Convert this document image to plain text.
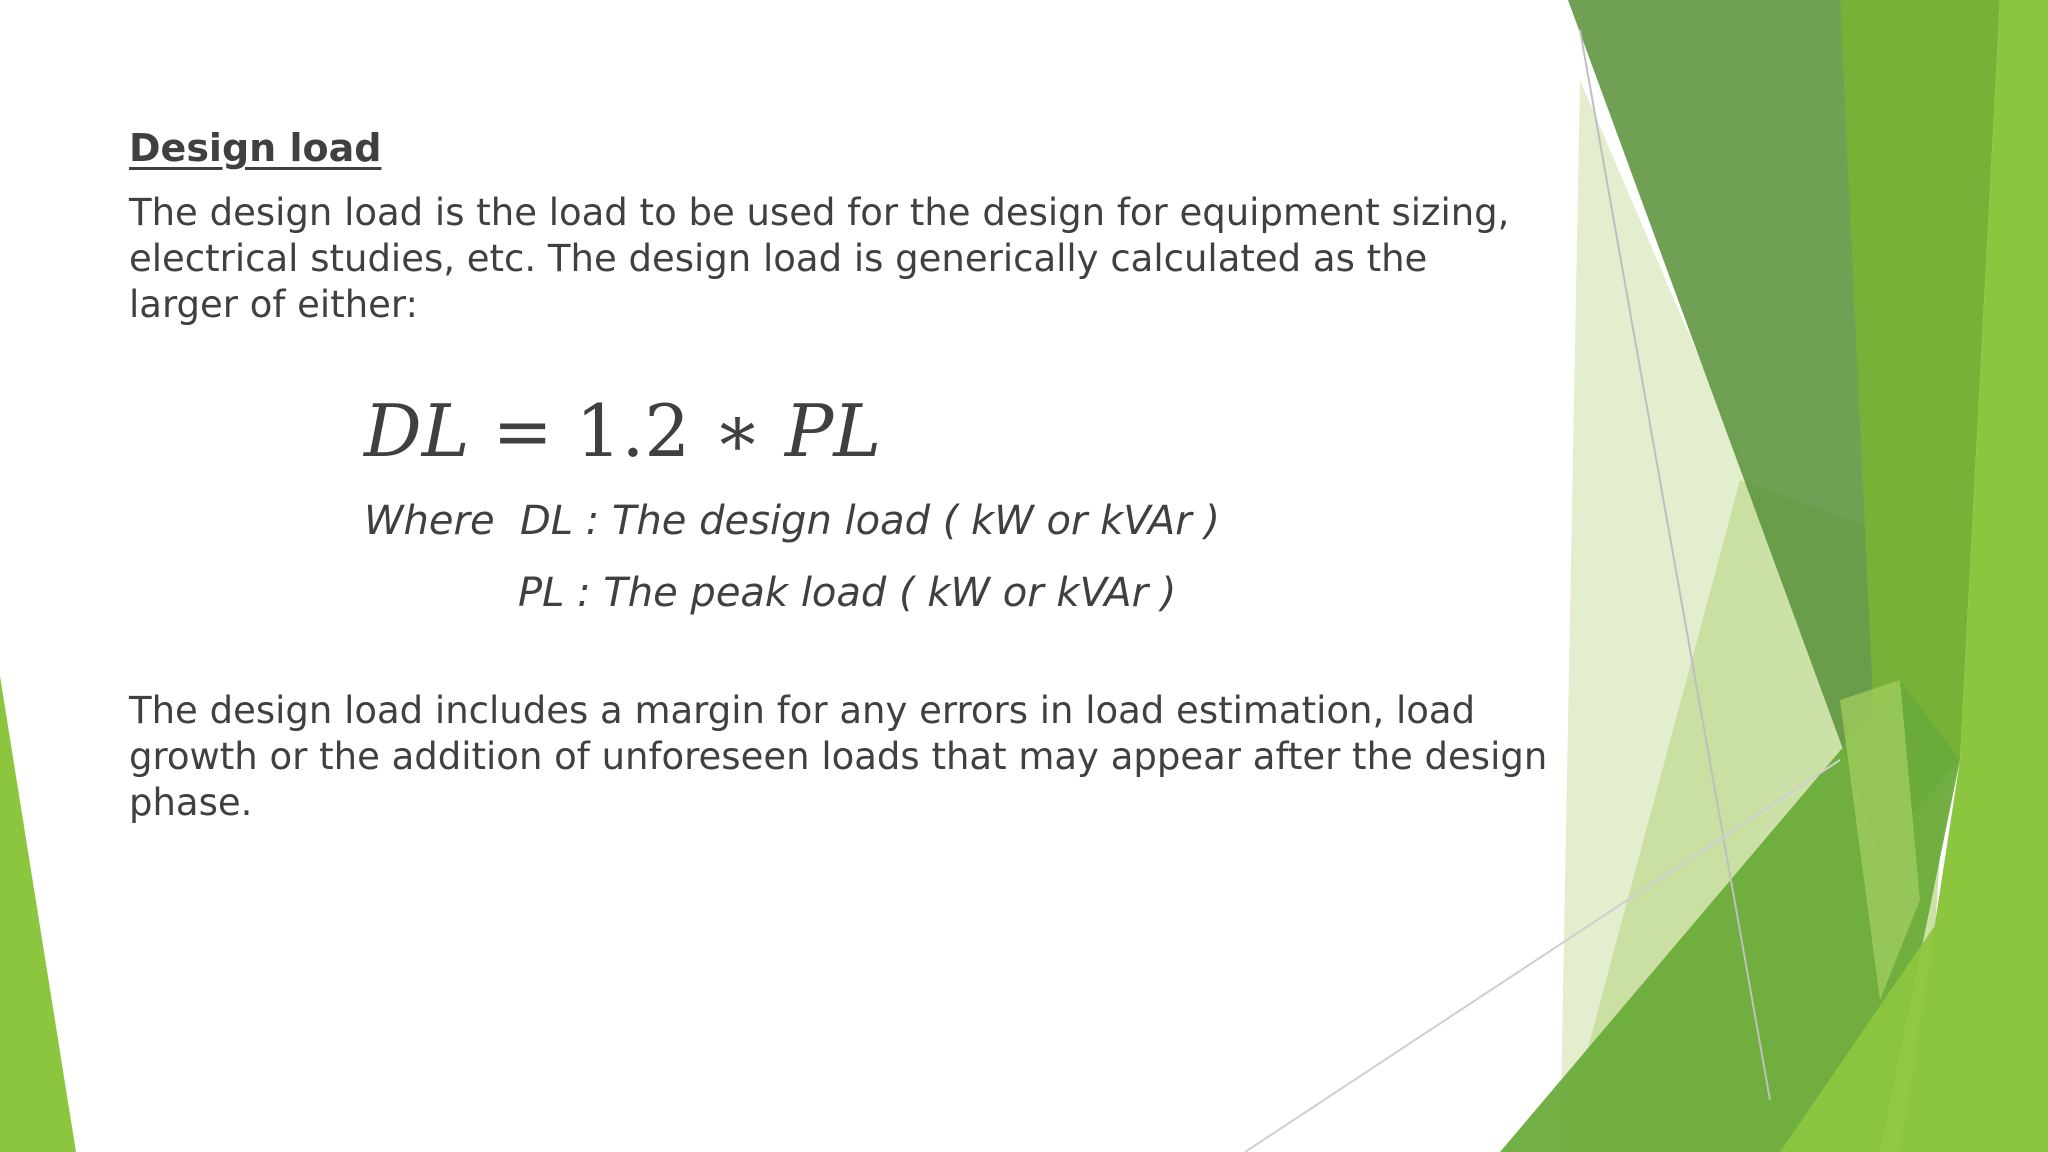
Design load

The design load is the load to be used for the design for equipment sizing, electrical studies, etc. The design load is generically calculated as the larger of either:

DL = 1.2 ∗ PL
Where  DL : The design load ( kW or kVAr )
PL : The peak load ( kW or kVAr )

The design load includes a margin for any errors in load estimation, load growth or the addition of unforeseen loads that may appear after the design phase.
